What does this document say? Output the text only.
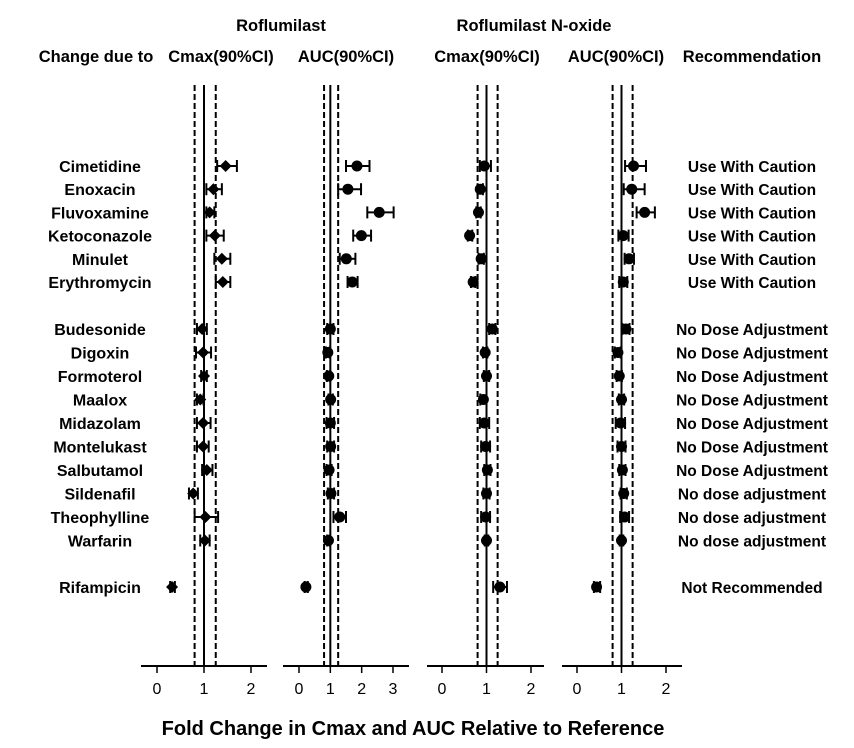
Roflumilast	Roflumilast N-oxide
Change due to Cmax(90%CI) AUC(90%CI) Cmax(90%CI) AUC(90%CI) Recommendation
Cimetidine
Enoxacin
Fluvoxamine
Ketoconazole
Minulet
Erythromycin
Budesonide
Digoxin
Formoterol
Maalox
Midazolam
Montelukast
Salbutamol
Sildenafil
Theophylline
Warfarin
Rifampicin
Use With Caution
Use With Caution
Use With Caution
Use With Caution
Use With Caution
Use With Caution
No Dose Adjustment
No Dose Adjustment
No Dose Adjustment
No Dose Adjustment
No Dose Adjustment
No Dose Adjustment
No Dose Adjustment
No dose adjustment
No dose adjustment
No dose adjustment
Not Recommended
0 1 2 0 1 2 3	0 1 2 0 1 2
Fold Change in Cmax and AUC Relative to Reference
